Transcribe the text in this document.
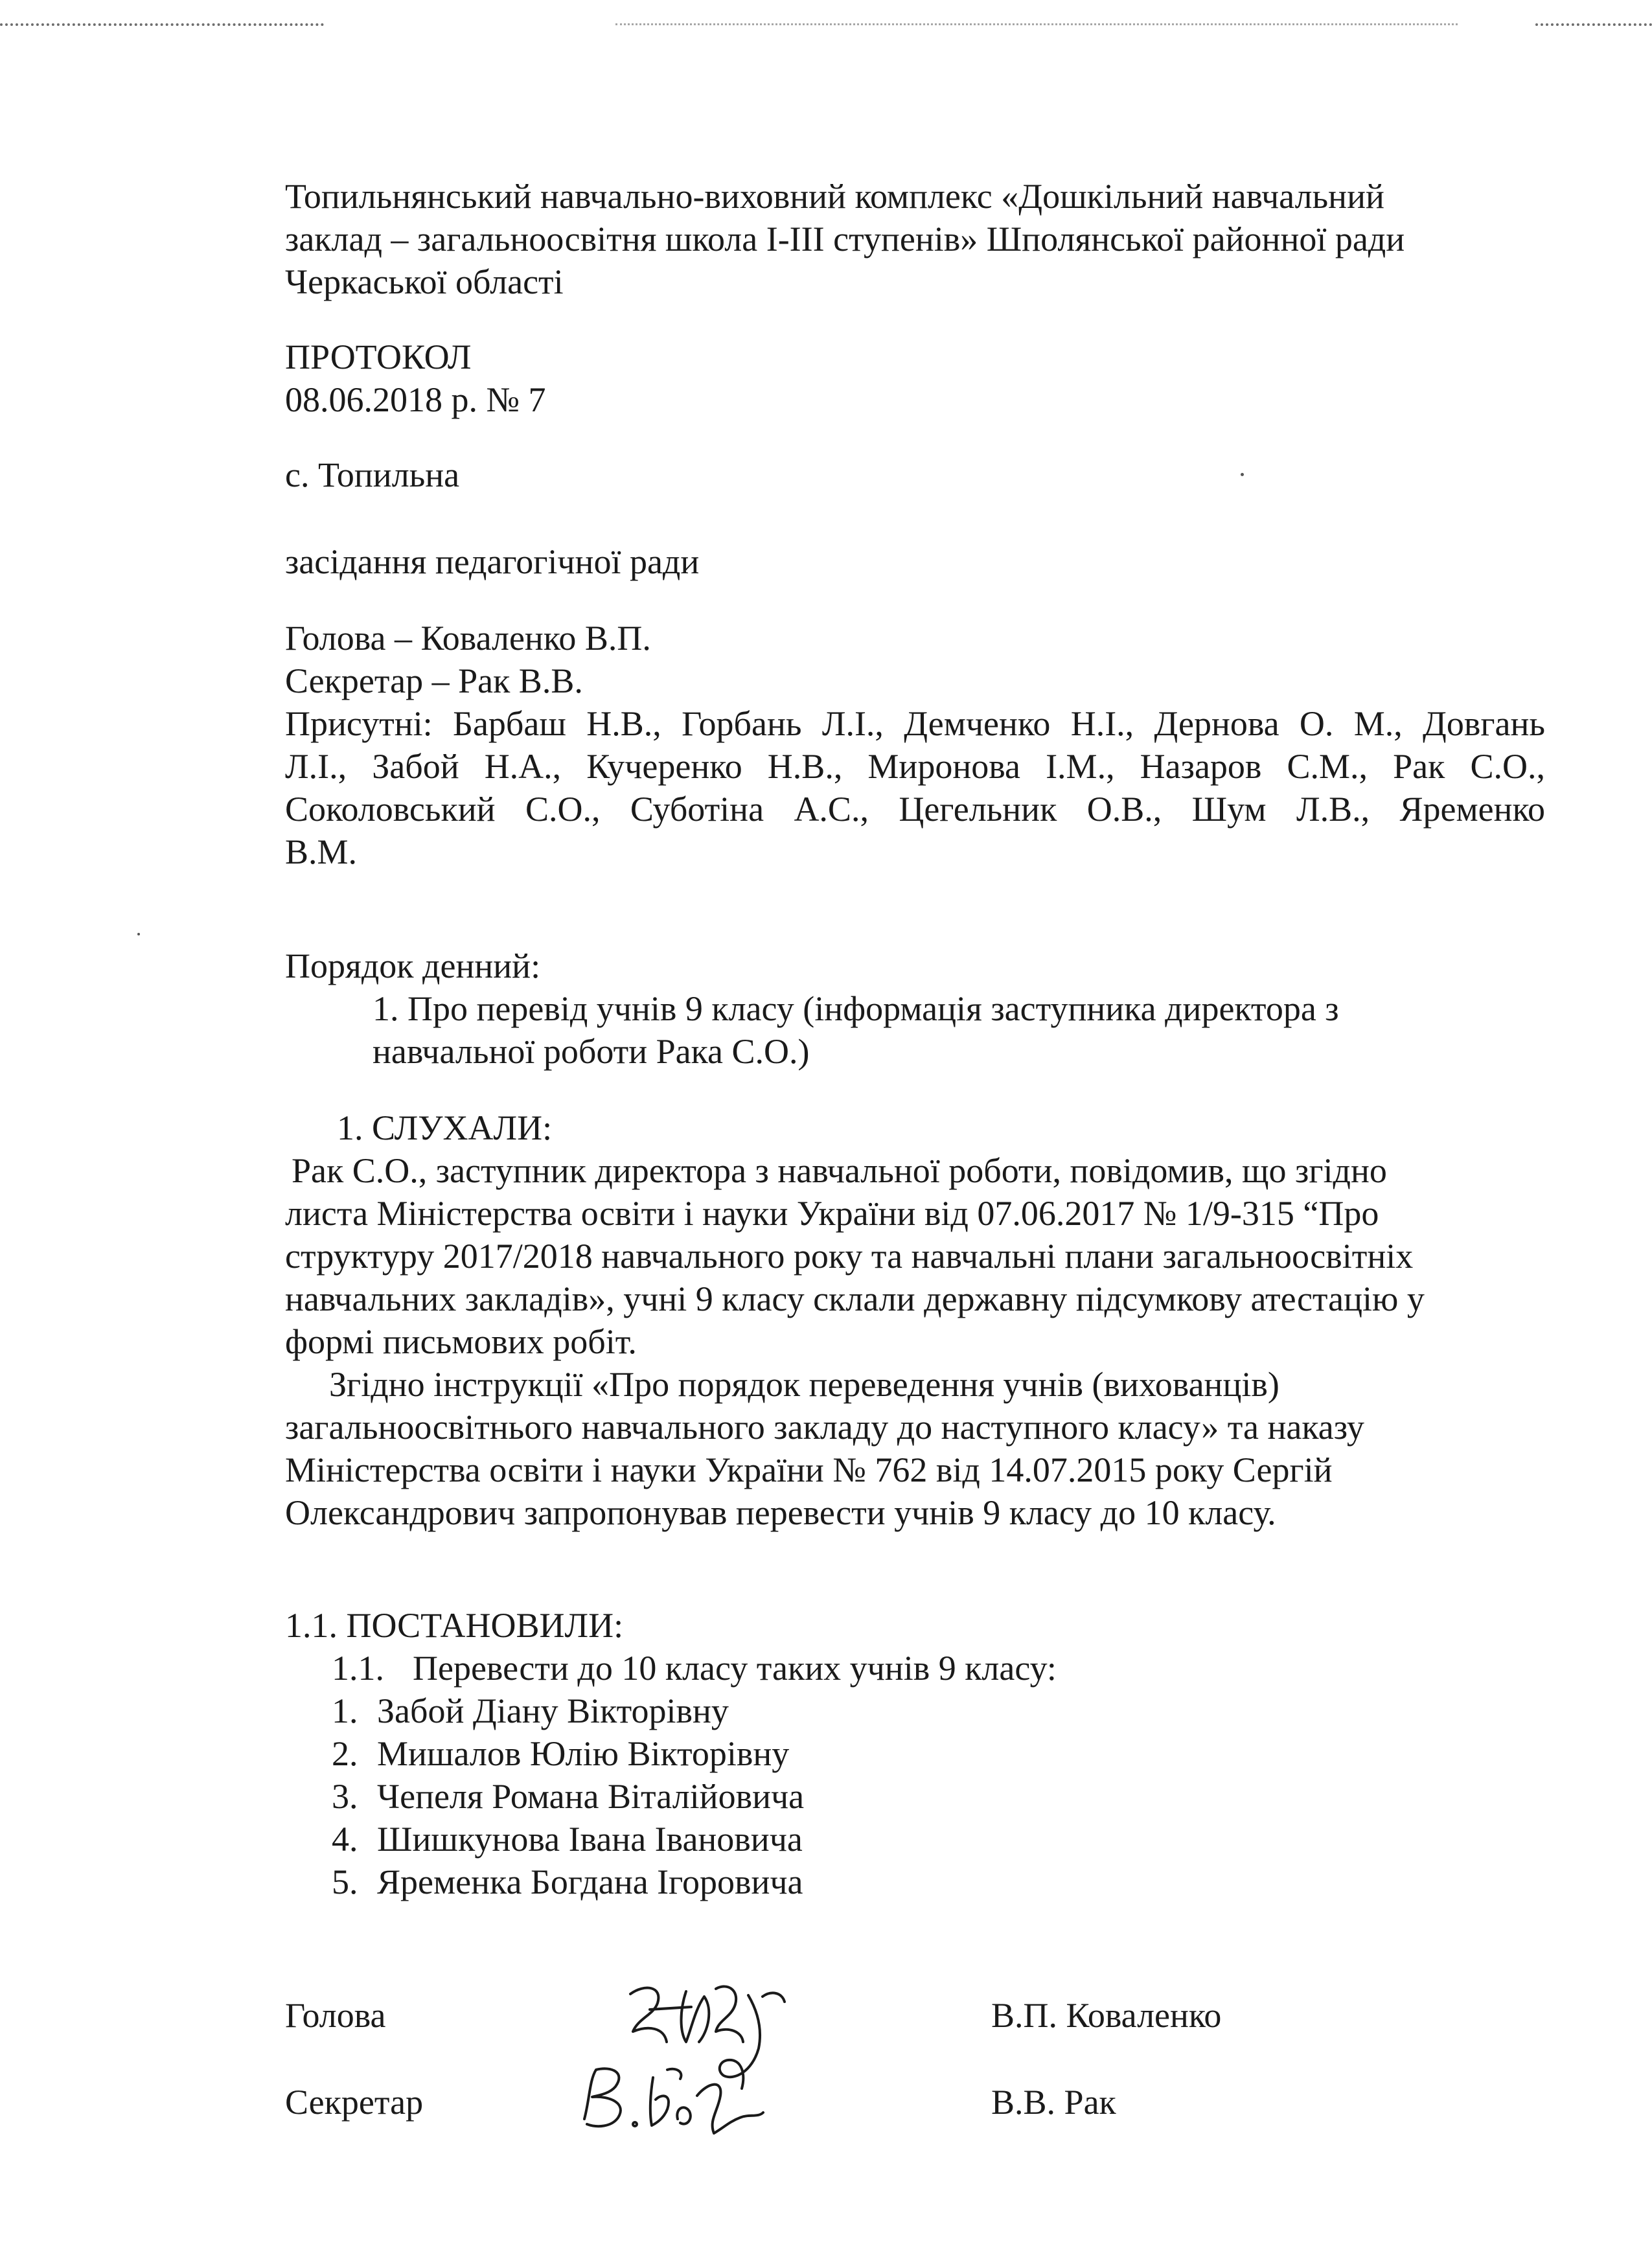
Топильнянський навчально-виховний комплекс «Дошкільний навчальний
заклад – загальноосвітня школа І-ІІІ ступенів» Шполянської районної ради
Черкаської області
ПРОТОКОЛ
08.06.2018 р. № 7
с. Топильна
засідання педагогічної ради
Голова – Коваленко В.П.
Секретар – Рак В.В.
Присутні: Барбаш Н.В., Горбань Л.І., Демченко Н.І., Дернова О. М., Довгань
Л.І., Забой Н.А., Кучеренко Н.В., Миронова І.М., Назаров С.М., Рак С.О.,
Соколовський С.О., Суботіна А.С., Цегельник О.В., Шум Л.В., Яременко
В.М.
Порядок денний:
1. Про перевід учнів 9 класу (інформація заступника директора з
навчальної роботи Рака С.О.)
1. СЛУХАЛИ:
Рак С.О., заступник директора з навчальної роботи, повідомив, що згідно
листа Міністерства освіти і науки України від 07.06.2017 № 1/9-315 “Про
структуру 2017/2018 навчального року та навчальні плани загальноосвітніх
навчальних закладів», учні 9 класу склали державну підсумкову атестацію у
формі письмових робіт.
Згідно інструкції «Про порядок переведення учнів (вихованців)
загальноосвітнього навчального закладу до наступного класу» та наказу
Міністерства освіти і науки України № 762 від 14.07.2015 року Сергій
Олександрович запропонував перевести учнів 9 класу до 10 класу.
1.1. ПОСТАНОВИЛИ:
1.1. Перевести до 10 класу таких учнів 9 класу:
1. Забой Діану Вікторівну
2. Мишалов Юлію Вікторівну
3. Чепеля Романа Віталійовича
4. Шишкунова Івана Івановича
5. Яременка Богдана Ігоровича
Голова	В.П. Коваленко
Секретар	В.В. Рак
